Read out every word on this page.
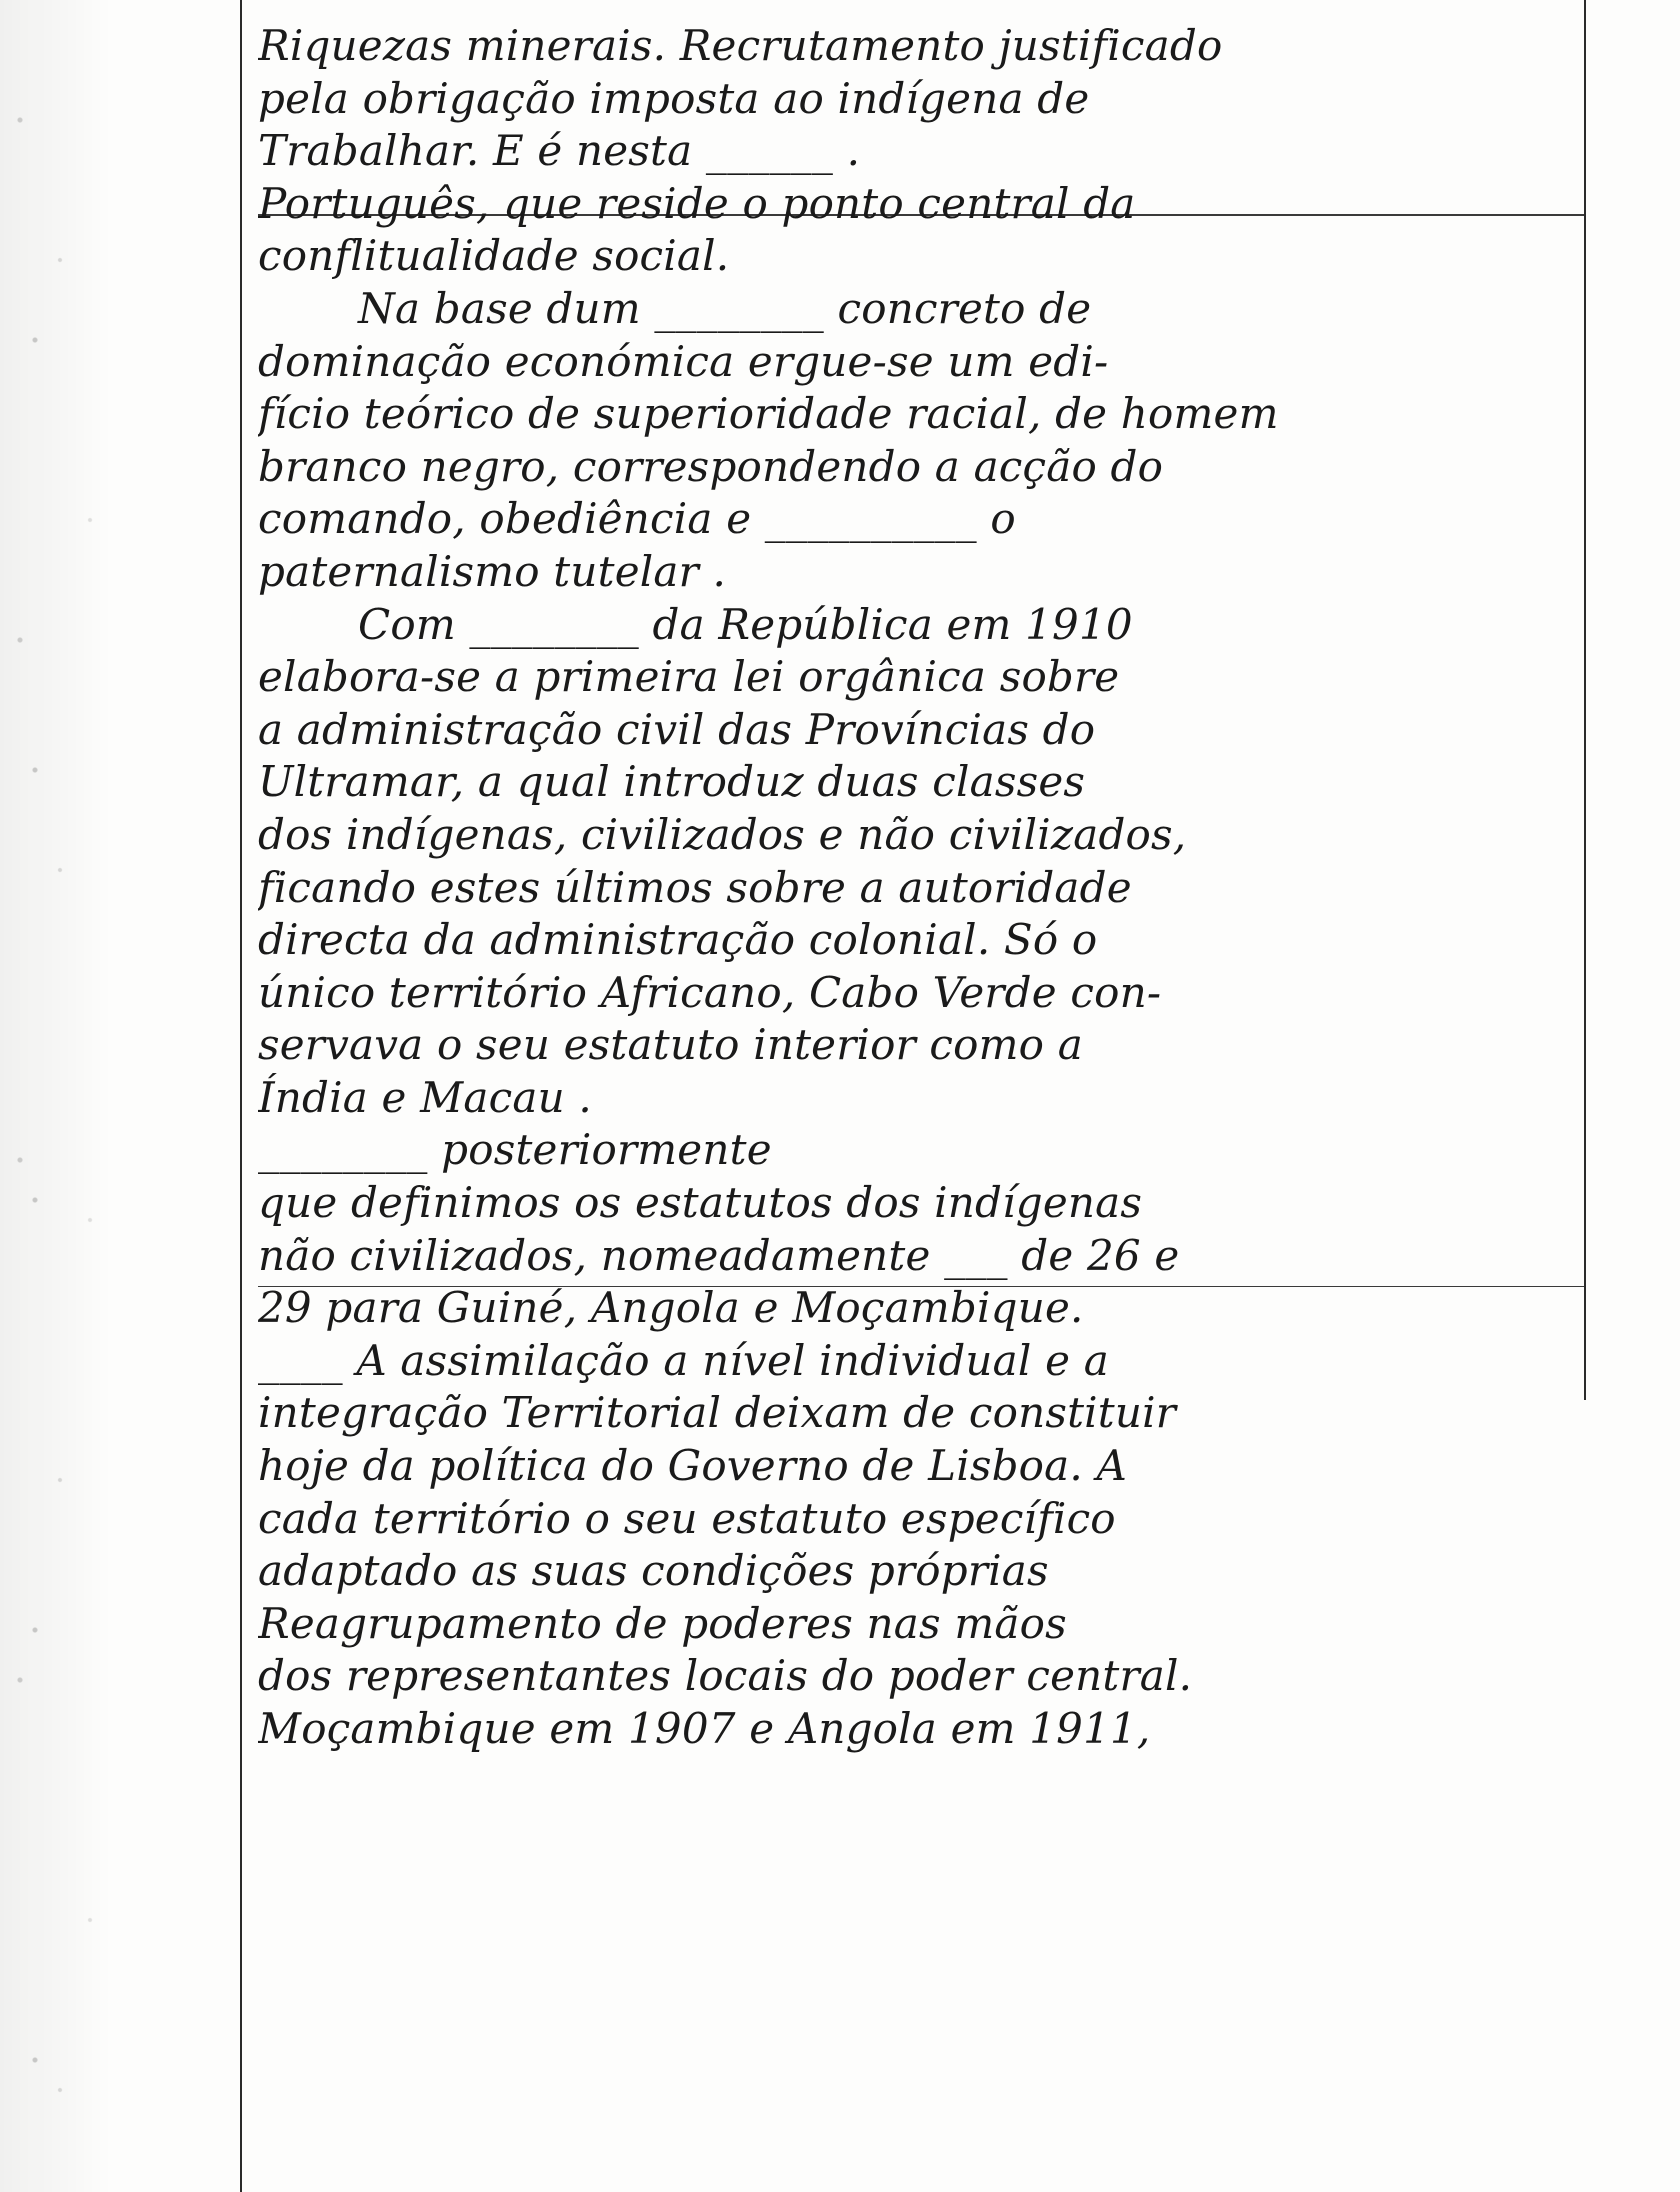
Riquezas minerais. Recrutamento justificado
pela obrigação imposta ao indígena de
Trabalhar. E é nesta ______ .
Português, que reside o ponto central da
conflitualidade social.
Na base dum ________ concreto de
dominação económica ergue-se um edi-
fício teórico de superioridade racial, de homem
branco negro, correspondendo a acção do
comando, obediência e __________ o
paternalismo tutelar .
Com ________ da República em 1910
elabora-se a primeira lei orgânica sobre
a administração civil das Províncias do
Ultramar, a qual introduz duas classes
dos indígenas, civilizados e não civilizados,
ficando estes últimos sobre a autoridade
directa da administração colonial. Só o
único território Africano, Cabo Verde con-
servava o seu estatuto interior como a
Índia e Macau .
________ posteriormente
que definimos os estatutos dos indígenas
não civilizados, nomeadamente ___ de 26 e
29 para Guiné, Angola e Moçambique.
____ A assimilação a nível individual e a
integração Territorial deixam de constituir
hoje da política do Governo de Lisboa. A
cada território o seu estatuto específico
adaptado as suas condições próprias
Reagrupamento de poderes nas mãos
dos representantes locais do poder central.
Moçambique em 1907 e Angola em 1911,
